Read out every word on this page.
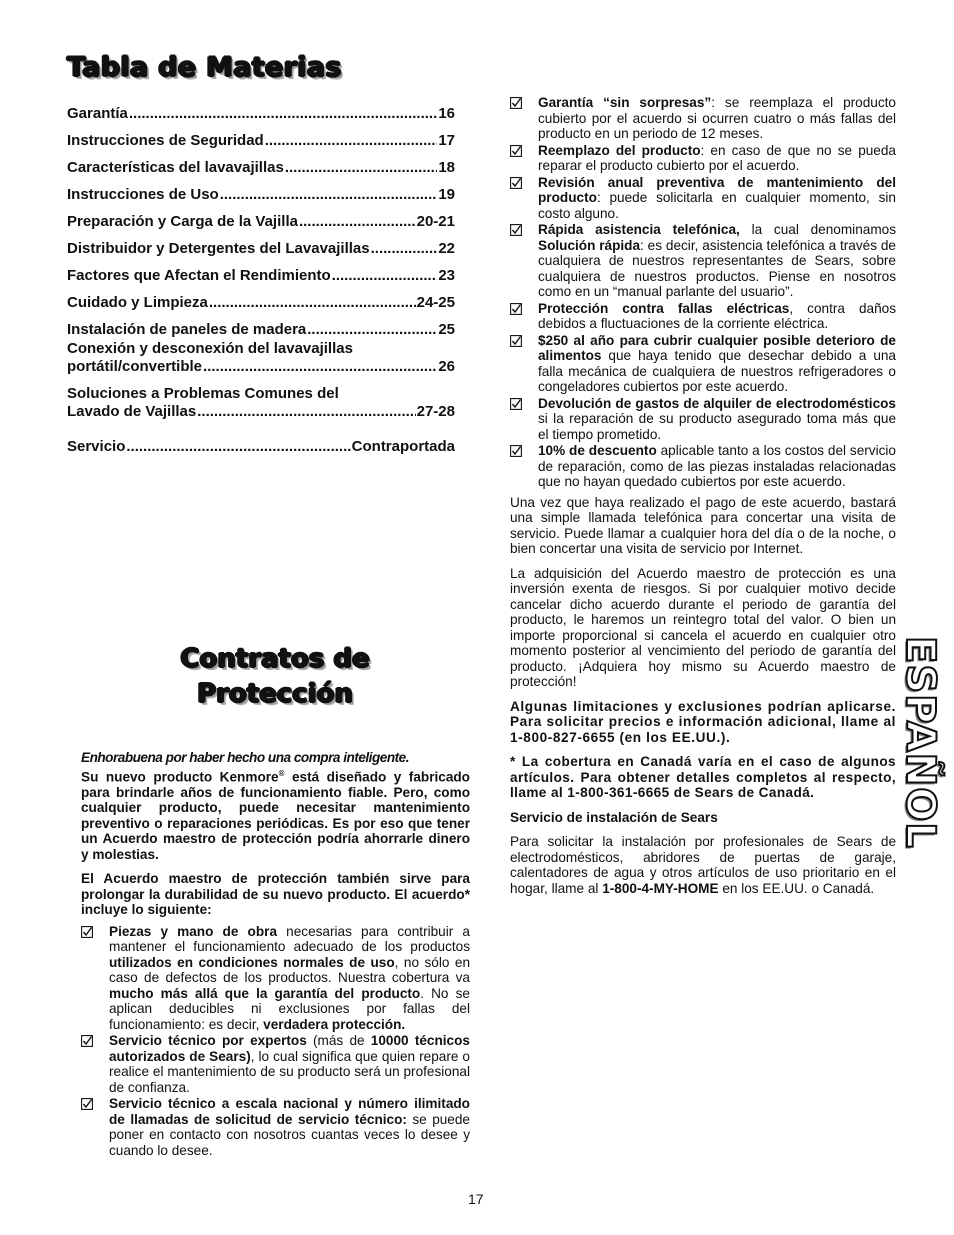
Tabla de Materias
Garantía .....	16
Instrucciones de Seguridad .....	17
Características del lavavajillas .....	18
Instrucciones de Uso .....	19
Preparación y Carga de la Vajilla .....	20-21
Distribuidor y Detergentes del Lavavajillas .....	22
Factores que Afectan el Rendimiento .....	23
Cuidado y Limpieza .....	24-25
Instalación de paneles de madera .....	25
Conexión y desconexión del lavavajillas
portátil/convertible .....	26
Soluciones a Problemas Comunes del
Lavado de Vajillas .....	27-28
Servicio .....	Contraportada
Contratos de
Protección
Enhorabuena por haber hecho una compra inteligente.
Su nuevo producto Kenmore® está diseñado y fabricado para brindarle años de funcionamiento fiable. Pero, como cualquier producto, puede necesitar mantenimiento preventivo o reparaciones periódicas. Es por eso que tener un Acuerdo maestro de protección podría ahorrarle dinero y molestias.
El Acuerdo maestro de protección también sirve para prolongar la durabilidad de su nuevo producto. El acuerdo* incluye lo siguiente:
Piezas y mano de obra necesarias para contribuir a mantener el funcionamiento adecuado de los productos utilizados en condiciones normales de uso, no sólo en caso de defectos de los productos. Nuestra cobertura va mucho más allá que la garantía del producto. No se aplican deducibles ni exclusiones por fallas del funcionamiento: es decir, verdadera protección.
Servicio técnico por expertos (más de 10000 técnicos autorizados de Sears), lo cual significa que quien repare o realice el mantenimiento de su producto será un profesional de confianza.
Servicio técnico a escala nacional y número ilimitado de llamadas de solicitud de servicio técnico: se puede poner en contacto con nosotros cuantas veces lo desee y cuando lo desee.
Garantía “sin sorpresas”: se reemplaza el producto cubierto por el acuerdo si ocurren cuatro o más fallas del producto en un periodo de 12 meses.
Reemplazo del producto: en caso de que no se pueda reparar el producto cubierto por el acuerdo.
Revisión anual preventiva de mantenimiento del producto: puede solicitarla en cualquier momento, sin costo alguno.
Rápida asistencia telefónica, la cual denominamos Solución rápida: es decir, asistencia telefónica a través de cualquiera de nuestros representantes de Sears, sobre cualquiera de nuestros productos. Piense en nosotros como en un “manual parlante del usuario”.
Protección contra fallas eléctricas, contra daños debidos a fluctuaciones de la corriente eléctrica.
$250 al año para cubrir cualquier posible deterioro de alimentos que haya tenido que desechar debido a una falla mecánica de cualquiera de nuestros refrigeradores o congeladores cubiertos por este acuerdo.
Devolución de gastos de alquiler de electrodomésticos si la reparación de su producto asegurado toma más que el tiempo prometido.
10% de descuento aplicable tanto a los costos del servicio de reparación, como de las piezas instaladas relacionadas que no hayan quedado cubiertos por este acuerdo.
Una vez que haya realizado el pago de este acuerdo, bastará una simple llamada telefónica para concertar una visita de servicio. Puede llamar a cualquier hora del día o de la noche, o bien concertar una visita de servicio por Internet.
La adquisición del Acuerdo maestro de protección es una inversión exenta de riesgos. Si por cualquier motivo decide cancelar dicho acuerdo durante el periodo de garantía del producto, le haremos un reintegro total del valor. O bien un importe proporcional si cancela el acuerdo en cualquier otro momento posterior al vencimiento del periodo de garantía del producto. ¡Adquiera hoy mismo su Acuerdo maestro de protección!
Algunas limitaciones y exclusiones podrían aplicarse. Para solicitar precios e información adicional, llame al 1-800-827-6655 (en los EE.UU.).
* La cobertura en Canadá varía en el caso de algunos artículos. Para obtener detalles completos al respecto, llame al 1-800-361-6665 de Sears de Canadá.
Servicio de instalación de Sears
Para solicitar la instalación por profesionales de Sears de electrodomésticos, abridores de puertas de garaje, calentadores de agua y otros artículos de uso prioritario en el hogar, llame al 1-800-4-MY-HOME en los EE.UU. o Canadá.
ESPAÑOL
17
